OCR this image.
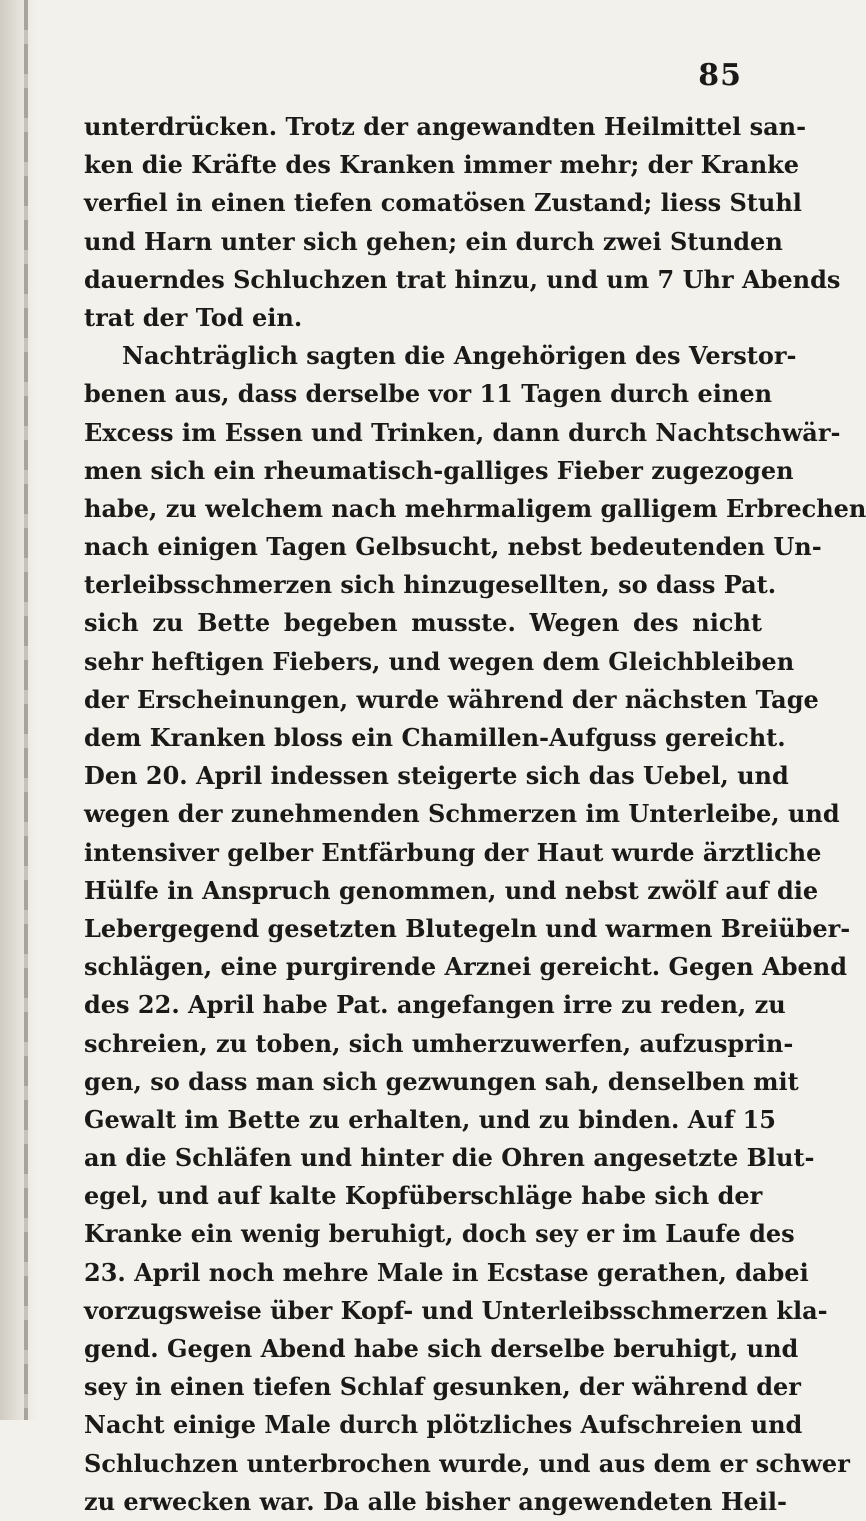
85
unterdrücken. Trotz der angewandten Heilmittel san-
ken die Kräfte des Kranken immer mehr; der Kranke
verfiel in einen tiefen comatösen Zustand; liess Stuhl
und Harn unter sich gehen; ein durch zwei Stunden
dauerndes Schluchzen trat hinzu, und um 7 Uhr Abends
trat der Tod ein.
Nachträglich sagten die Angehörigen des Verstor-
benen aus, dass derselbe vor 11 Tagen durch einen
Excess im Essen und Trinken, dann durch Nachtschwär-
men sich ein rheumatisch-galliges Fieber zugezogen
habe, zu welchem nach mehrmaligem galligem Erbrechen
nach einigen Tagen Gelbsucht, nebst bedeutenden Un-
terleibsschmerzen sich hinzugesellten, so dass Pat.
sich zu Bette begeben musste. Wegen des nicht
sehr heftigen Fiebers, und wegen dem Gleichbleiben
der Erscheinungen, wurde während der nächsten Tage
dem Kranken bloss ein Chamillen-Aufguss gereicht.
Den 20. April indessen steigerte sich das Uebel, und
wegen der zunehmenden Schmerzen im Unterleibe, und
intensiver gelber Entfärbung der Haut wurde ärztliche
Hülfe in Anspruch genommen, und nebst zwölf auf die
Lebergegend gesetzten Blutegeln und warmen Breiüber-
schlägen, eine purgirende Arznei gereicht. Gegen Abend
des 22. April habe Pat. angefangen irre zu reden, zu
schreien, zu toben, sich umherzuwerfen, aufzusprin-
gen, so dass man sich gezwungen sah, denselben mit
Gewalt im Bette zu erhalten, und zu binden. Auf 15
an die Schläfen und hinter die Ohren angesetzte Blut-
egel, und auf kalte Kopfüberschläge habe sich der
Kranke ein wenig beruhigt, doch sey er im Laufe des
23. April noch mehre Male in Ecstase gerathen, dabei
vorzugsweise über Kopf- und Unterleibsschmerzen kla-
gend. Gegen Abend habe sich derselbe beruhigt, und
sey in einen tiefen Schlaf gesunken, der während der
Nacht einige Male durch plötzliches Aufschreien und
Schluchzen unterbrochen wurde, und aus dem er schwer
zu erwecken war. Da alle bisher angewendeten Heil-
